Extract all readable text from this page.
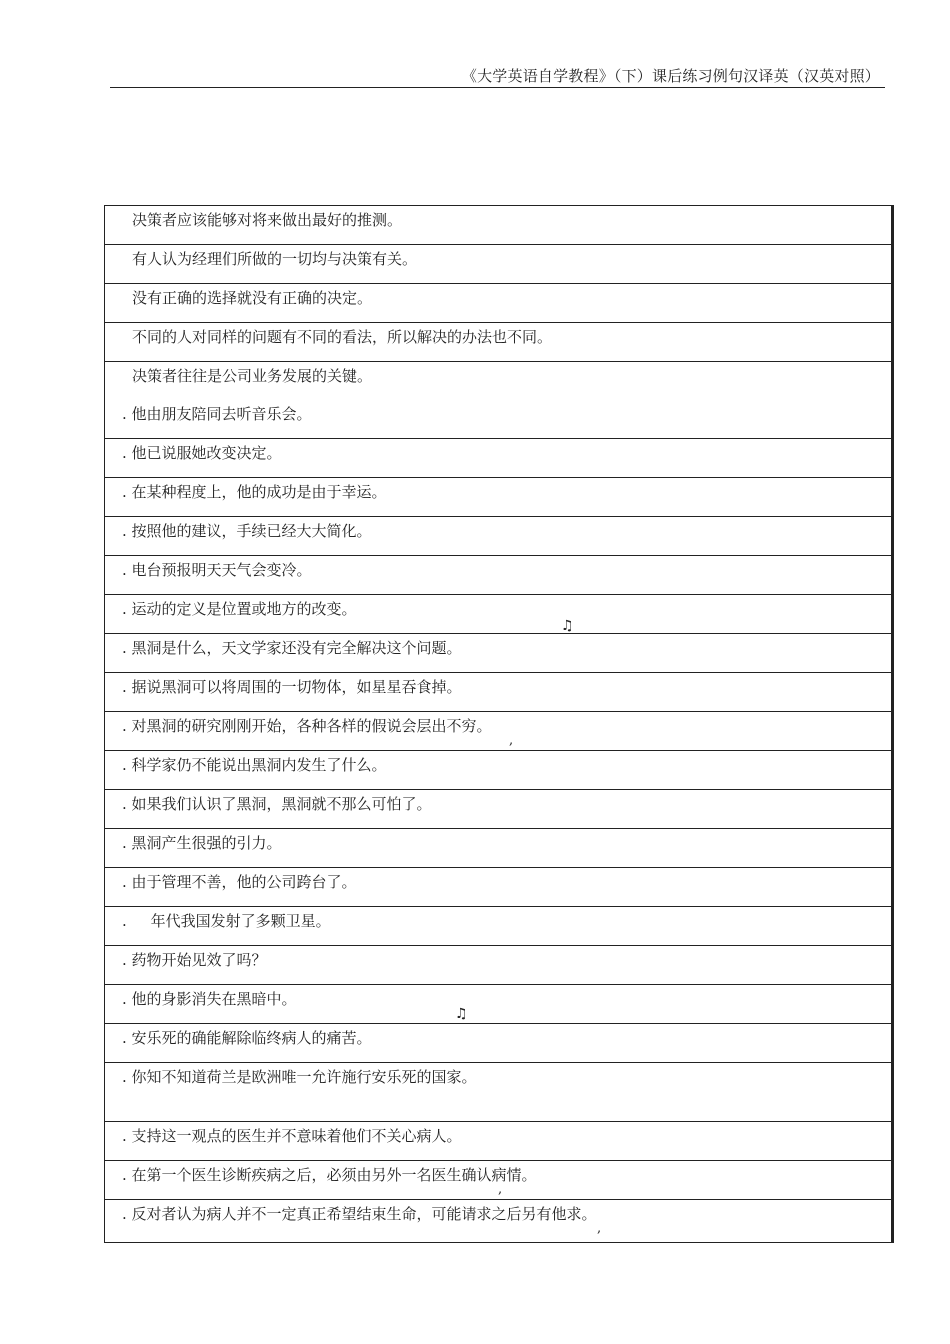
《大学英语自学教程》（下）课后练习例句汉译英（汉英对照）
决策者应该能够对将来做出最好的推测。
有人认为经理们所做的一切均与决策有关。
没有正确的选择就没有正确的决定。
不同的人对同样的问题有不同的看法，所以解决的办法也不同。
决策者往往是公司业务发展的关键。
. 他由朋友陪同去听音乐会。
. 他已说服她改变决定。
. 在某种程度上，他的成功是由于幸运。
. 按照他的建议，手续已经大大简化。
. 电台预报明天天气会变冷。
. 运动的定义是位置或地方的改变。
♫
. 黑洞是什么，天文学家还没有完全解决这个问题。
. 据说黑洞可以将周围的一切物体，如星星吞食掉。
. 对黑洞的研究刚刚开始，各种各样的假说会层出不穷。
,
. 科学家仍不能说出黑洞内发生了什么。
. 如果我们认识了黑洞，黑洞就不那么可怕了。
. 黑洞产生很强的引力。
. 由于管理不善，他的公司跨台了。
.     年代我国发射了多颗卫星。
. 药物开始见效了吗？
. 他的身影消失在黑暗中。
♫
. 安乐死的确能解除临终病人的痛苦。
. 你知不知道荷兰是欧洲唯一允许施行安乐死的国家。
. 支持这一观点的医生并不意味着他们不关心病人。
. 在第一个医生诊断疾病之后，必须由另外一名医生确认病情。
,
. 反对者认为病人并不一定真正希望结束生命，可能请求之后另有他求。
,
